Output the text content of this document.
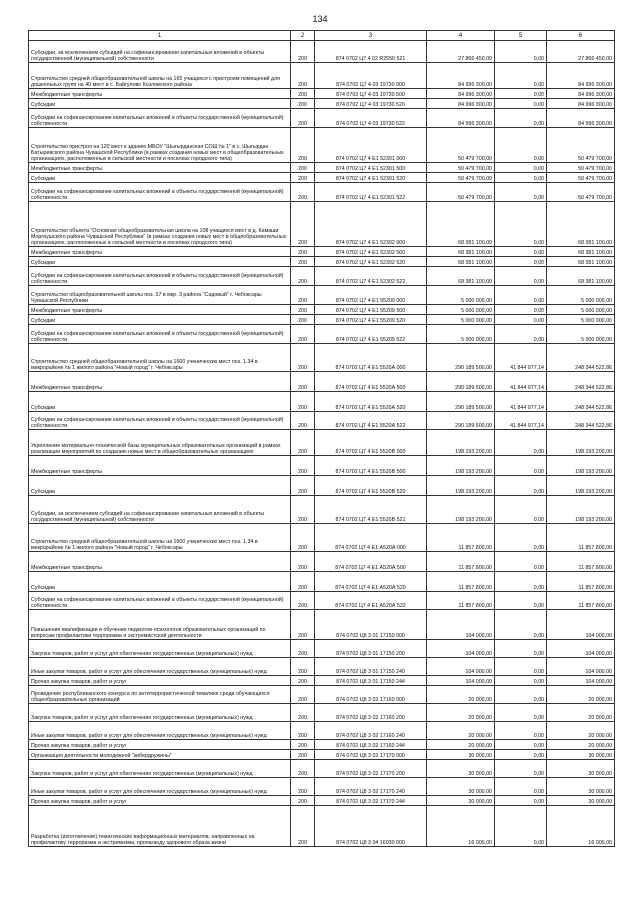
134
1	2	3	4	5	6
Субсидии, за исключением субсидий на софинансирование капитальных вложений в объекты государственной (муниципальной) собственности	200	874 0702 Ц7 4 02 R2550 521	27 866 450,00	0,00	27 866 450,00
Строительство средней общеобразовательной школы на 165 учащихся с пристроем помещений для дошкольных групп на 40 мест в с. Байгулово Козловского района	200	874 0702 Ц7 4 03 19730 000	84 996 300,00	0,00	84 996 300,00
Межбюджетные трансферты	200	874 0702 Ц7 4 03 19730 500	84 996 300,00	0,00	84 996 300,00
Субсидии	200	874 0702 Ц7 4 03 19730 520	84 996 300,00	0,00	84 996 300,00
Субсидии на софинансирование капитальных вложений в объекты государственной (муниципальной) собственности	200	874 0702 Ц7 4 03 19730 522	84 996 300,00	0,00	84 996 300,00
Строительство пристроя на 120 мест к зданию МБОУ "Шыгырданская СОШ № 1" в с. Шыгырдан Батыревского района Чувашской Республики (в рамках создания новых мест в общеобразовательных организациях, расположенных в сельской местности и поселках городского типа)	200	874 0702 Ц7 4 Е1 52301 000	50 479 700,00	0,00	50 479 700,00
Межбюджетные трансферты	200	874 0702 Ц7 4 Е1 52301 500	50 479 700,00	0,00	50 479 700,00
Субсидии	200	874 0702 Ц7 4 Е1 52301 520	50 479 700,00	0,00	50 479 700,00
Субсидии на софинансирование капитальных вложений в объекты государственной (муниципальной) собственности	200	874 0702 Ц7 4 Е1 52301 522	50 479 700,00	0,00	50 479 700,00
Строительство объекта "Основная общеобразовательная школа на 108 учащихся мест в д. Камаши Моргаушского района Чувашской Республики" (в рамках создания новых мест в общеобразовательных организациях, расположенных в сельской местности и поселках городского типа)	200	874 0702 Ц7 4 Е1 52302 000	68 381 100,00	0,00	68 381 100,00
Межбюджетные трансферты	200	874 0702 Ц7 4 Е1 52302 500	68 381 100,00	0,00	68 381 100,00
Субсидии	200	874 0702 Ц7 4 Е1 52302 520	68 381 100,00	0,00	68 381 100,00
Субсидии на софинансирование капитальных вложений в объекты государственной (муниципальной) собственности	200	874 0702 Ц7 4 Е1 52302 522	68 381 100,00	0,00	68 381 100,00
Строительство общеобразовательной школы поз. 37 в мкр. 3 района "Садовый" г. Чебоксары Чувашской Республики	200	874 0702 Ц7 4 Е1 55209 000	5 000 000,00	0,00	5 000 000,00
Межбюджетные трансферты	200	874 0702 Ц7 4 Е1 55209 500	5 000 000,00	0,00	5 000 000,00
Субсидии	200	874 0702 Ц7 4 Е1 55209 520	5 000 000,00	0,00	5 000 000,00
Субсидии на софинансирование капитальных вложений в объекты государственной (муниципальной) собственности	200	874 0702 Ц7 4 Е1 55209 522	5 000 000,00	0,00	5 000 000,00
Строительство средней общеобразовательной школы на 1600 ученических мест поз. 1.34 в микрорайоне № 1 жилого района "Новый город" г. Чебоксары	200	874 0702 Ц7 4 Е1 5520А 000	290 189 500,00	41 844 977,14	248 344 522,86
Межбюджетные трансферты	200	874 0702 Ц7 4 Е1 5520А 500	290 189 500,00	41 844 977,14	248 344 522,86
Субсидии	200	874 0702 Ц7 4 Е1 5520А 520	290 189 500,00	41 844 977,14	248 344 522,86
Субсидии на софинансирование капитальных вложений в объекты государственной (муниципальной) собственности	200	874 0702 Ц7 4 Е1 5520А 522	290 189 500,00	41 844 977,14	248 344 522,86
Укрепление материально-технической базы муниципальных образовательных организаций в рамках реализации мероприятий по созданию новых мест в общеобразовательных организациях	200	874 0702 Ц7 4 Е1 5520В 000	198 193 200,00	0,00	198 193 200,00
Межбюджетные трансферты	200	874 0702 Ц7 4 Е1 5520В 500	198 193 200,00	0,00	198 193 200,00
Субсидии	200	874 0702 Ц7 4 Е1 5520В 520	198 193 200,00	0,00	198 193 200,00
Субсидии, за исключением субсидий на софинансирование капитальных вложений в объекты государственной (муниципальной) собственности	200	874 0702 Ц7 4 Е1 5520В 521	198 193 200,00	0,00	198 193 200,00
Строительство средней общеобразовательной школы на 1600 ученических мест поз. 1.34 в микрорайоне № 1 жилого района "Новый город" г. Чебоксары	200	874 0702 Ц7 4 Е1 А520А 000	11 857 800,00	0,00	11 857 800,00
Межбюджетные трансферты	200	874 0702 Ц7 4 Е1 А520А 500	11 857 800,00	0,00	11 857 800,00
Субсидии	200	874 0702 Ц7 4 Е1 А520А 520	11 857 800,00	0,00	11 857 800,00
Субсидии на софинансирование капитальных вложений в объекты государственной (муниципальной) собственности	200	874 0702 Ц7 4 Е1 А520А 522	11 857 800,00	0,00	11 857 800,00
Повышение квалификации и обучение педагогов-психологов образовательных организаций по вопросам профилактики терроризма и экстремистской деятельности	200	874 0702 Ц8 3 01 17150 000	104 000,00	0,00	104 000,00
Закупка товаров, работ и услуг для обеспечения государственных (муниципальных) нужд	200	874 0702 Ц8 3 01 17150 200	104 000,00	0,00	104 000,00
Иные закупки товаров, работ и услуг для обеспечения государственных (муниципальных) нужд	200	874 0702 Ц8 3 01 17150 240	104 000,00	0,00	104 000,00
Прочая закупка товаров, работ и услуг	200	874 0702 Ц8 3 01 17150 244	104 000,00	0,00	104 000,00
Проведение республиканского конкурса по антитеррористической тематике среди обучающихся общеобразовательных организаций	200	874 0702 Ц8 3 02 17160 000	20 000,00	0,00	20 000,00
Закупка товаров, работ и услуг для обеспечения государственных (муниципальных) нужд	200	874 0702 Ц8 3 02 17160 200	20 000,00	0,00	20 000,00
Иные закупки товаров, работ и услуг для обеспечения государственных (муниципальных) нужд	200	874 0702 Ц8 3 02 17160 240	20 000,00	0,00	20 000,00
Прочая закупка товаров, работ и услуг	200	874 0702 Ц8 3 02 17160 244	20 000,00	0,00	20 000,00
Организация деятельности молодежной "кибердружины"	200	874 0702 Ц8 3 02 17170 000	30 000,00	0,00	30 000,00
Закупка товаров, работ и услуг для обеспечения государственных (муниципальных) нужд	200	874 0702 Ц8 3 02 17170 200	30 000,00	0,00	30 000,00
Иные закупки товаров, работ и услуг для обеспечения государственных (муниципальных) нужд	200	874 0702 Ц8 3 02 17170 240	30 000,00	0,00	30 000,00
Прочая закупка товаров, работ и услуг	200	874 0702 Ц8 3 02 17170 244	30 000,00	0,00	30 000,00
Разработка (изготовление) тематических информационных материалов, направленных на профилактику терроризма и экстремизма, пропаганду здорового образа жизни	200	874 0702 Ц8 3 04 16030 000	16 000,00	0,00	16 000,00
